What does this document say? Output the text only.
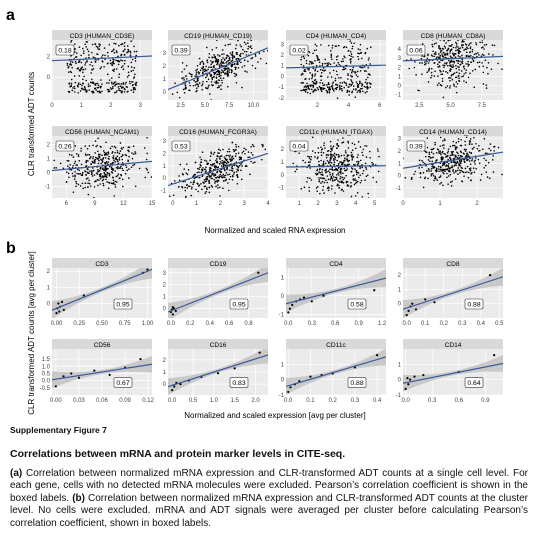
a
b
CLR transformed ADT counts
Normalized and scaled RNA expression
CLR transformed ADT counts [avg per cluster]
Normalized and scaled expression [avg per cluster]
CD3 (HUMAN_CD3E)
0	1	2	3
0
2
0.18
CD19 (HUMAN_CD19)
2.5	5.0	7.5 10.0
0
1
2
3 0.39
CD4 (HUMAN_CD4)
2	4	6
-2
-1
0
1
2
3
0.02
CD8 (HUMAN_CD8A)
2.5	5.0	7.5
-1
0
1
2
3
4 0.06
CD56 (HUMAN_NCAM1)
6	9	12	15
-1
0
1
2 0.26
CD16 (HUMAN_FCGR3A)
0	1	2	3	4
-1
0
1
2
3
0.53
CD11c (HUMAN_ITGAX)
1	2	3	4	5
-1
0
1
2 0.04
CD14 (HUMAN_CD14)
0	1	2
-1
0
1
2
3
0.39
CD3
0.00 0.25 0.50 0.75 1.00
0
1
2
0.95
CD19
0.0 0.2 0.4 0.6 0.8
0
1
2
3
0.95
CD4
0.0	0.3	0.6	0.9	1.2
-1
0
1
0.58
CD8
0.0 0.1 0.2 0.3 0.4 0.5
0
1
2
0.88
CD56
0.00 0.03 0.06 0.09 0.12
-0.5
0.0
0.5
1.0
1.5
0.67
CD16
0.0 0.5 1.0 1.5 2.0
0
1
2
0.83
CD11c
0.0 0.1 0.2 0.3 0.4
-1
0
1
0.88
CD14
0.0	0.3	0.6	0.9
-1
0
1
0.64
Supplementary Figure 7
Correlations between mRNA and protein marker levels in CITE-seq.
(a) Correlation between normalized mRNA expression and CLR-transformed ADT counts at a single cell level. For each gene, cells with no detected mRNA molecules were excluded. Pearson’s correlation coefficient is shown in the boxed labels. (b) Correlation between normalized mRNA expression and CLR-transformed ADT counts at the cluster level. No cells were excluded. mRNA and ADT signals were averaged per cluster before calculating Pearson’s correlation coefficient, shown in boxed labels.
